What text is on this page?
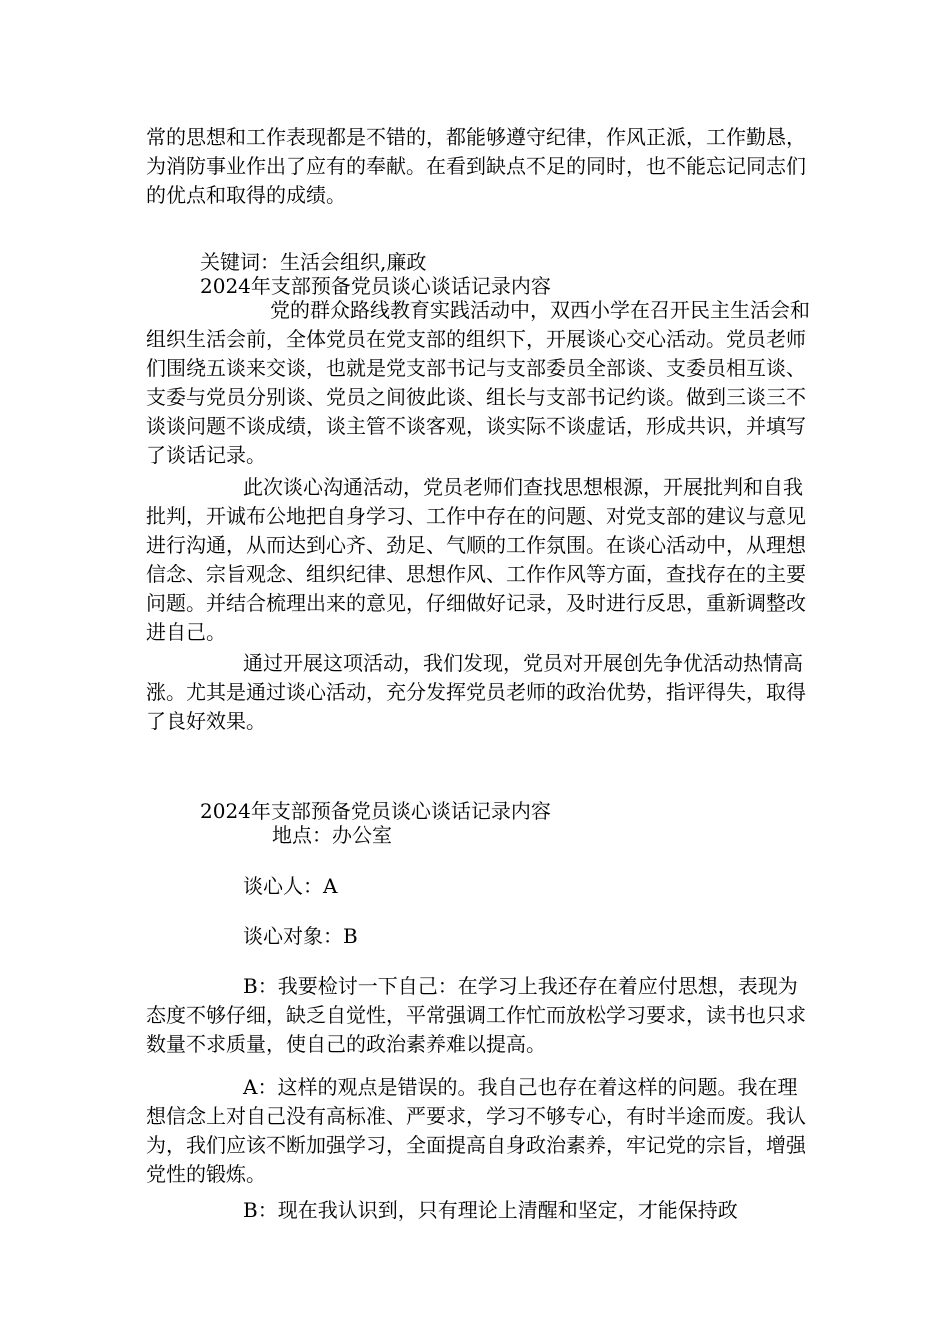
常的思想和工作表现都是不错的，都能够遵守纪律，作风正派，工作勤恳，为消防事业作出了应有的奉献。在看到缺点不足的同时，也不能忘记同志们的优点和取得的成绩。

关键词：生活会组织,廉政

2024年支部预备党员谈心谈话记录内容

党的群众路线教育实践活动中，双西小学在召开民主生活会和组织生活会前，全体党员在党支部的组织下，开展谈心交心活动。党员老师们围绕五谈来交谈，也就是党支部书记与支部委员全部谈、支委员相互谈、支委与党员分别谈、党员之间彼此谈、组长与支部书记约谈。做到三谈三不谈谈问题不谈成绩，谈主管不谈客观，谈实际不谈虚话，形成共识，并填写了谈话记录。

此次谈心沟通活动，党员老师们查找思想根源，开展批判和自我批判，开诚布公地把自身学习、工作中存在的问题、对党支部的建议与意见进行沟通，从而达到心齐、劲足、气顺的工作氛围。在谈心活动中，从理想信念、宗旨观念、组织纪律、思想作风、工作作风等方面，查找存在的主要问题。并结合梳理出来的意见，仔细做好记录，及时进行反思，重新调整改进自己。

通过开展这项活动，我们发现，党员对开展创先争优活动热情高涨。尤其是通过谈心活动，充分发挥党员老师的政治优势，指评得失，取得了良好效果。

2024年支部预备党员谈心谈话记录内容

地点：办公室

谈心人：A

谈心对象：B

B：我要检讨一下自己：在学习上我还存在着应付思想，表现为态度不够仔细，缺乏自觉性，平常强调工作忙而放松学习要求，读书也只求数量不求质量，使自己的政治素养难以提高。

A：这样的观点是错误的。我自己也存在着这样的问题。我在理想信念上对自己没有高标准、严要求，学习不够专心，有时半途而废。我认为，我们应该不断加强学习，全面提高自身政治素养，牢记党的宗旨，增强党性的锻炼。

B：现在我认识到，只有理论上清醒和坚定，才能保持政
